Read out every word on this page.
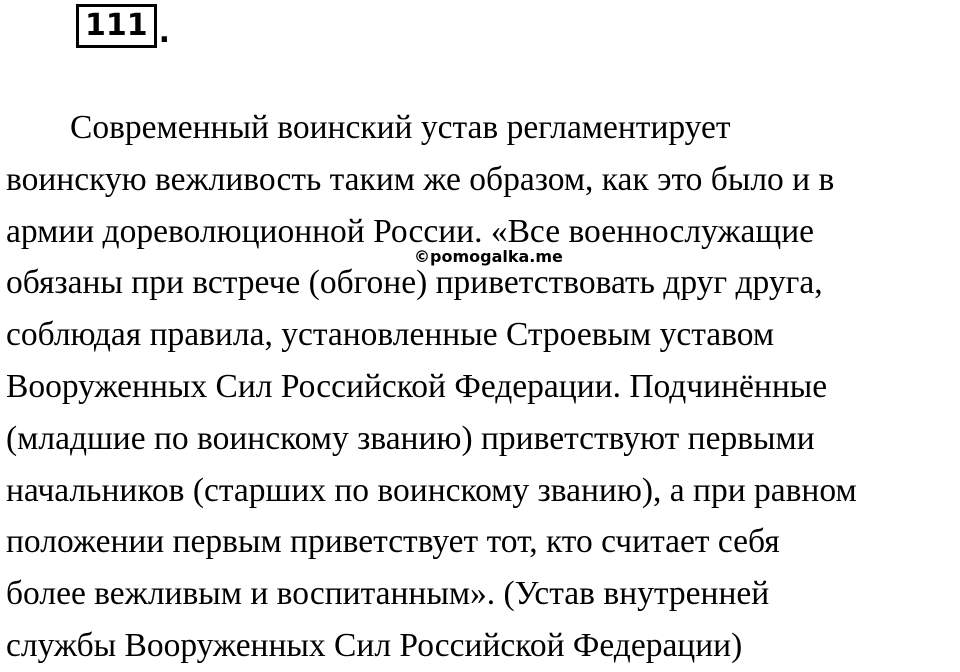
111 .
Современный воинский устав регламентирует
воинскую вежливость таким же образом, как это было и в
армии дореволюционной России. «Все военнослужащие
обязаны при встрече (обгоне) приветствовать друг друга,
соблюдая правила, установленные Строевым уставом
Вооруженных Сил Российской Федерации. Подчинённые
(младшие по воинскому званию) приветствуют первыми
начальников (старших по воинскому званию), а при равном
положении первым приветствует тот, кто считает себя
более вежливым и воспитанным». (Устав внутренней
службы Вооруженных Сил Российской Федерации)
©pomogalka.me
